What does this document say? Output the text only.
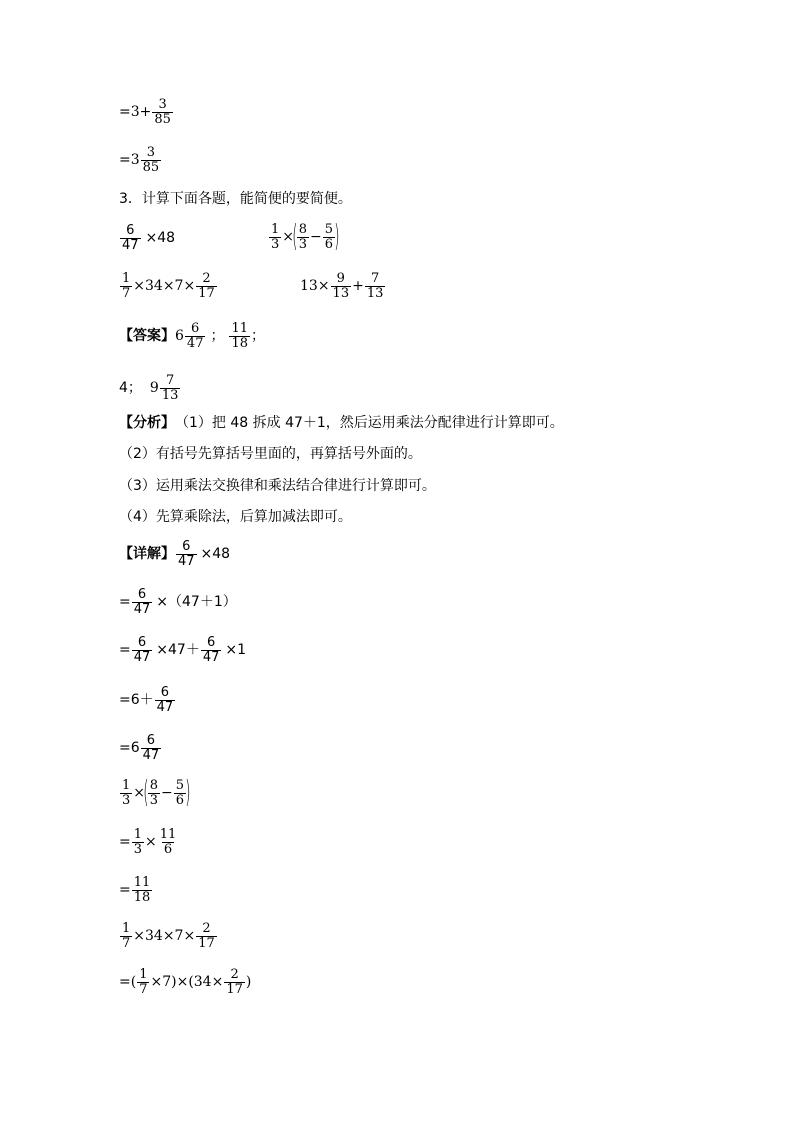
$=3+ \frac{3}{85}$
$=3 \frac{3}{85}$
3．计算下面各题，能简便的要简便。
$\frac{6}{47} \times 48$	$\frac{1}{3}$ ×
( $\frac{8}{3} - \frac{5}{6}$ )
$\frac{1}{7} \times 34\times 7\times \frac{2}{17}$	$13\times \frac{9}{13} + \frac{7}{13}$
【答案】 $6 \frac{6}{47}$ ； $\frac{11}{18}$ ；
4； $9 \frac{7}{13}$
【分析】 （1）把 48 拆成 47＋1，然后运用乘法分配律进行计算即可。
（2）有括号先算括号里面的，再算括号外面的。
（3）运用乘法交换律和乘法结合律进行计算即可。
（4）先算乘除法，后算加减法即可。
【详解】 $\frac{6}{47} \times 48$
= $\frac{6}{47} \times(47+1)$
= $\frac{6}{47} \times 47+ \frac{6}{47} \times 1$
$=6+ \frac{6}{47}$
$=6 \frac{6}{47}$
$\frac{1}{3}$ ×
( $\frac{8}{3} - \frac{5}{6}$ )
= $\frac{1}{3} \times \frac{11}{6}$
= $\frac{11}{18}$
$\frac{1}{7} \times 34\times 7\times \frac{2}{17}$
=( $\frac{1}{7} \times 7)\times(34\times \frac{2}{17}$ )
